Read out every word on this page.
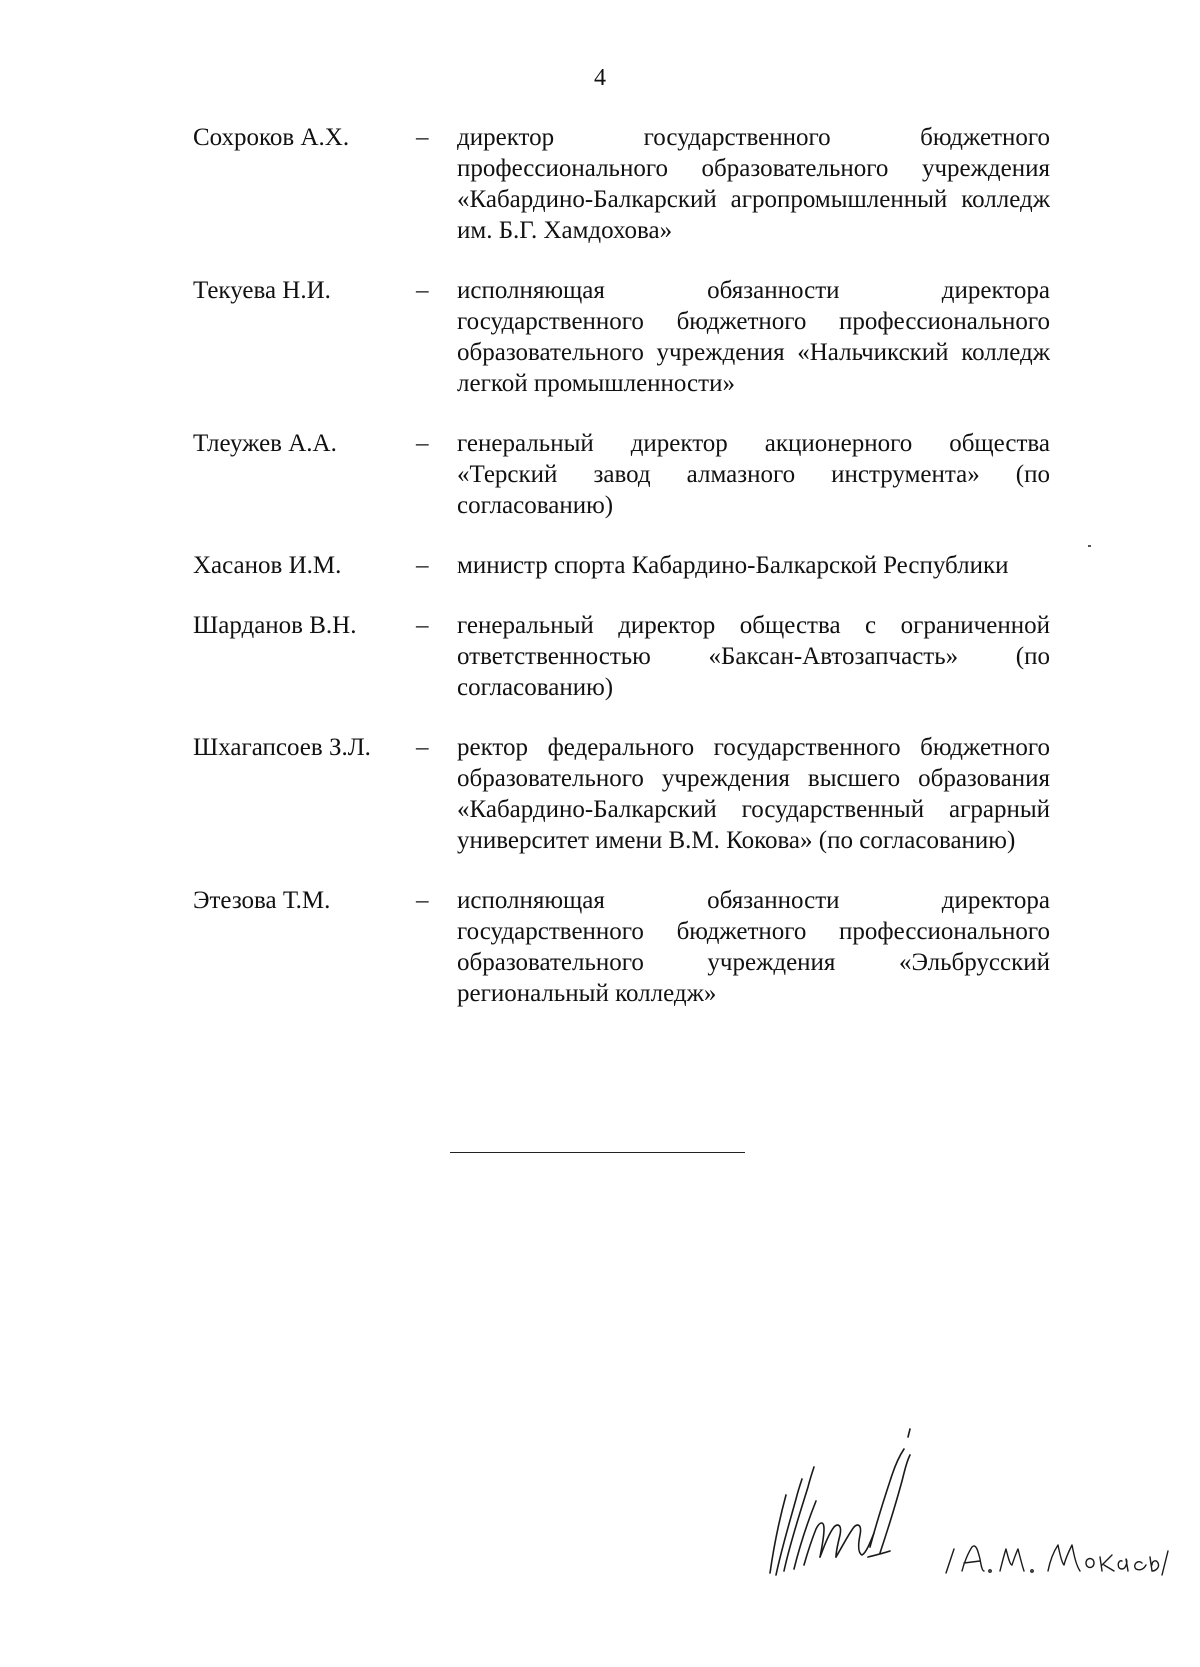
4
Сохроков А.Х.	– директор государственного бюджетного профессионального образовательного учреждения «Кабардино-Балкарский агропромышленный колледж им. Б.Г. Хамдохова»
Текуева Н.И.	– исполняющая обязанности директора государственного бюджетного профессионального образовательного учреждения «Нальчикский колледж легкой промышленности»
Тлеужев А.А.	– генеральный директор акционерного общества «Терский завод алмазного инструмента» (по согласованию)
Хасанов И.М.	– министр спорта Кабардино-Балкарской Республики
Шарданов В.Н. – генеральный директор общества с ограниченной ответственностью «Баксан-Автозапчасть» (по согласованию)
Шхагапсоев З.Л. – ректор федерального государственного бюджетного образовательного учреждения высшего образования «Кабардино-Балкарский государственный аграрный университет имени В.М. Кокова» (по согласованию)
Этезова Т.М.	– исполняющая обязанности директора государственного бюджетного профессионального образовательного учреждения «Эльбрусский региональный колледж»
